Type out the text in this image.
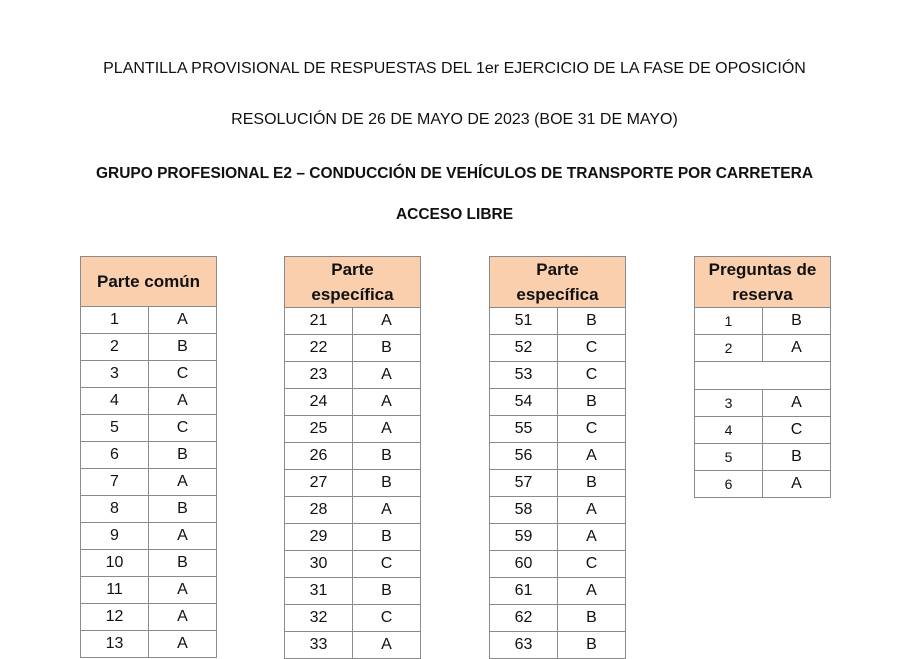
PLANTILLA PROVISIONAL DE RESPUESTAS DEL 1er EJERCICIO DE LA FASE DE OPOSICIÓN
RESOLUCIÓN DE 26 DE MAYO DE 2023 (BOE 31 DE MAYO)
GRUPO PROFESIONAL E2 – CONDUCCIÓN DE VEHÍCULOS DE TRANSPORTE POR CARRETERA
ACCESO LIBRE
Parte común	
1	A
2	B
3	C
4	A
5	C
6	B
7	A
8	B
9	A
10	B
11	A
12	A
13	A
Parte específica	
21	A
22	B
23	A
24	A
25	A
26	B
27	B
28	A
29	B
30	C
31	B
32	C
33	A
Parte específica	
51	B
52	C
53	C
54	B
55	C
56	A
57	B
58	A
59	A
60	C
61	A
62	B
63	B
Preguntas de reserva	
1	B
2	A

3	A
4	C
5	B
6	A
